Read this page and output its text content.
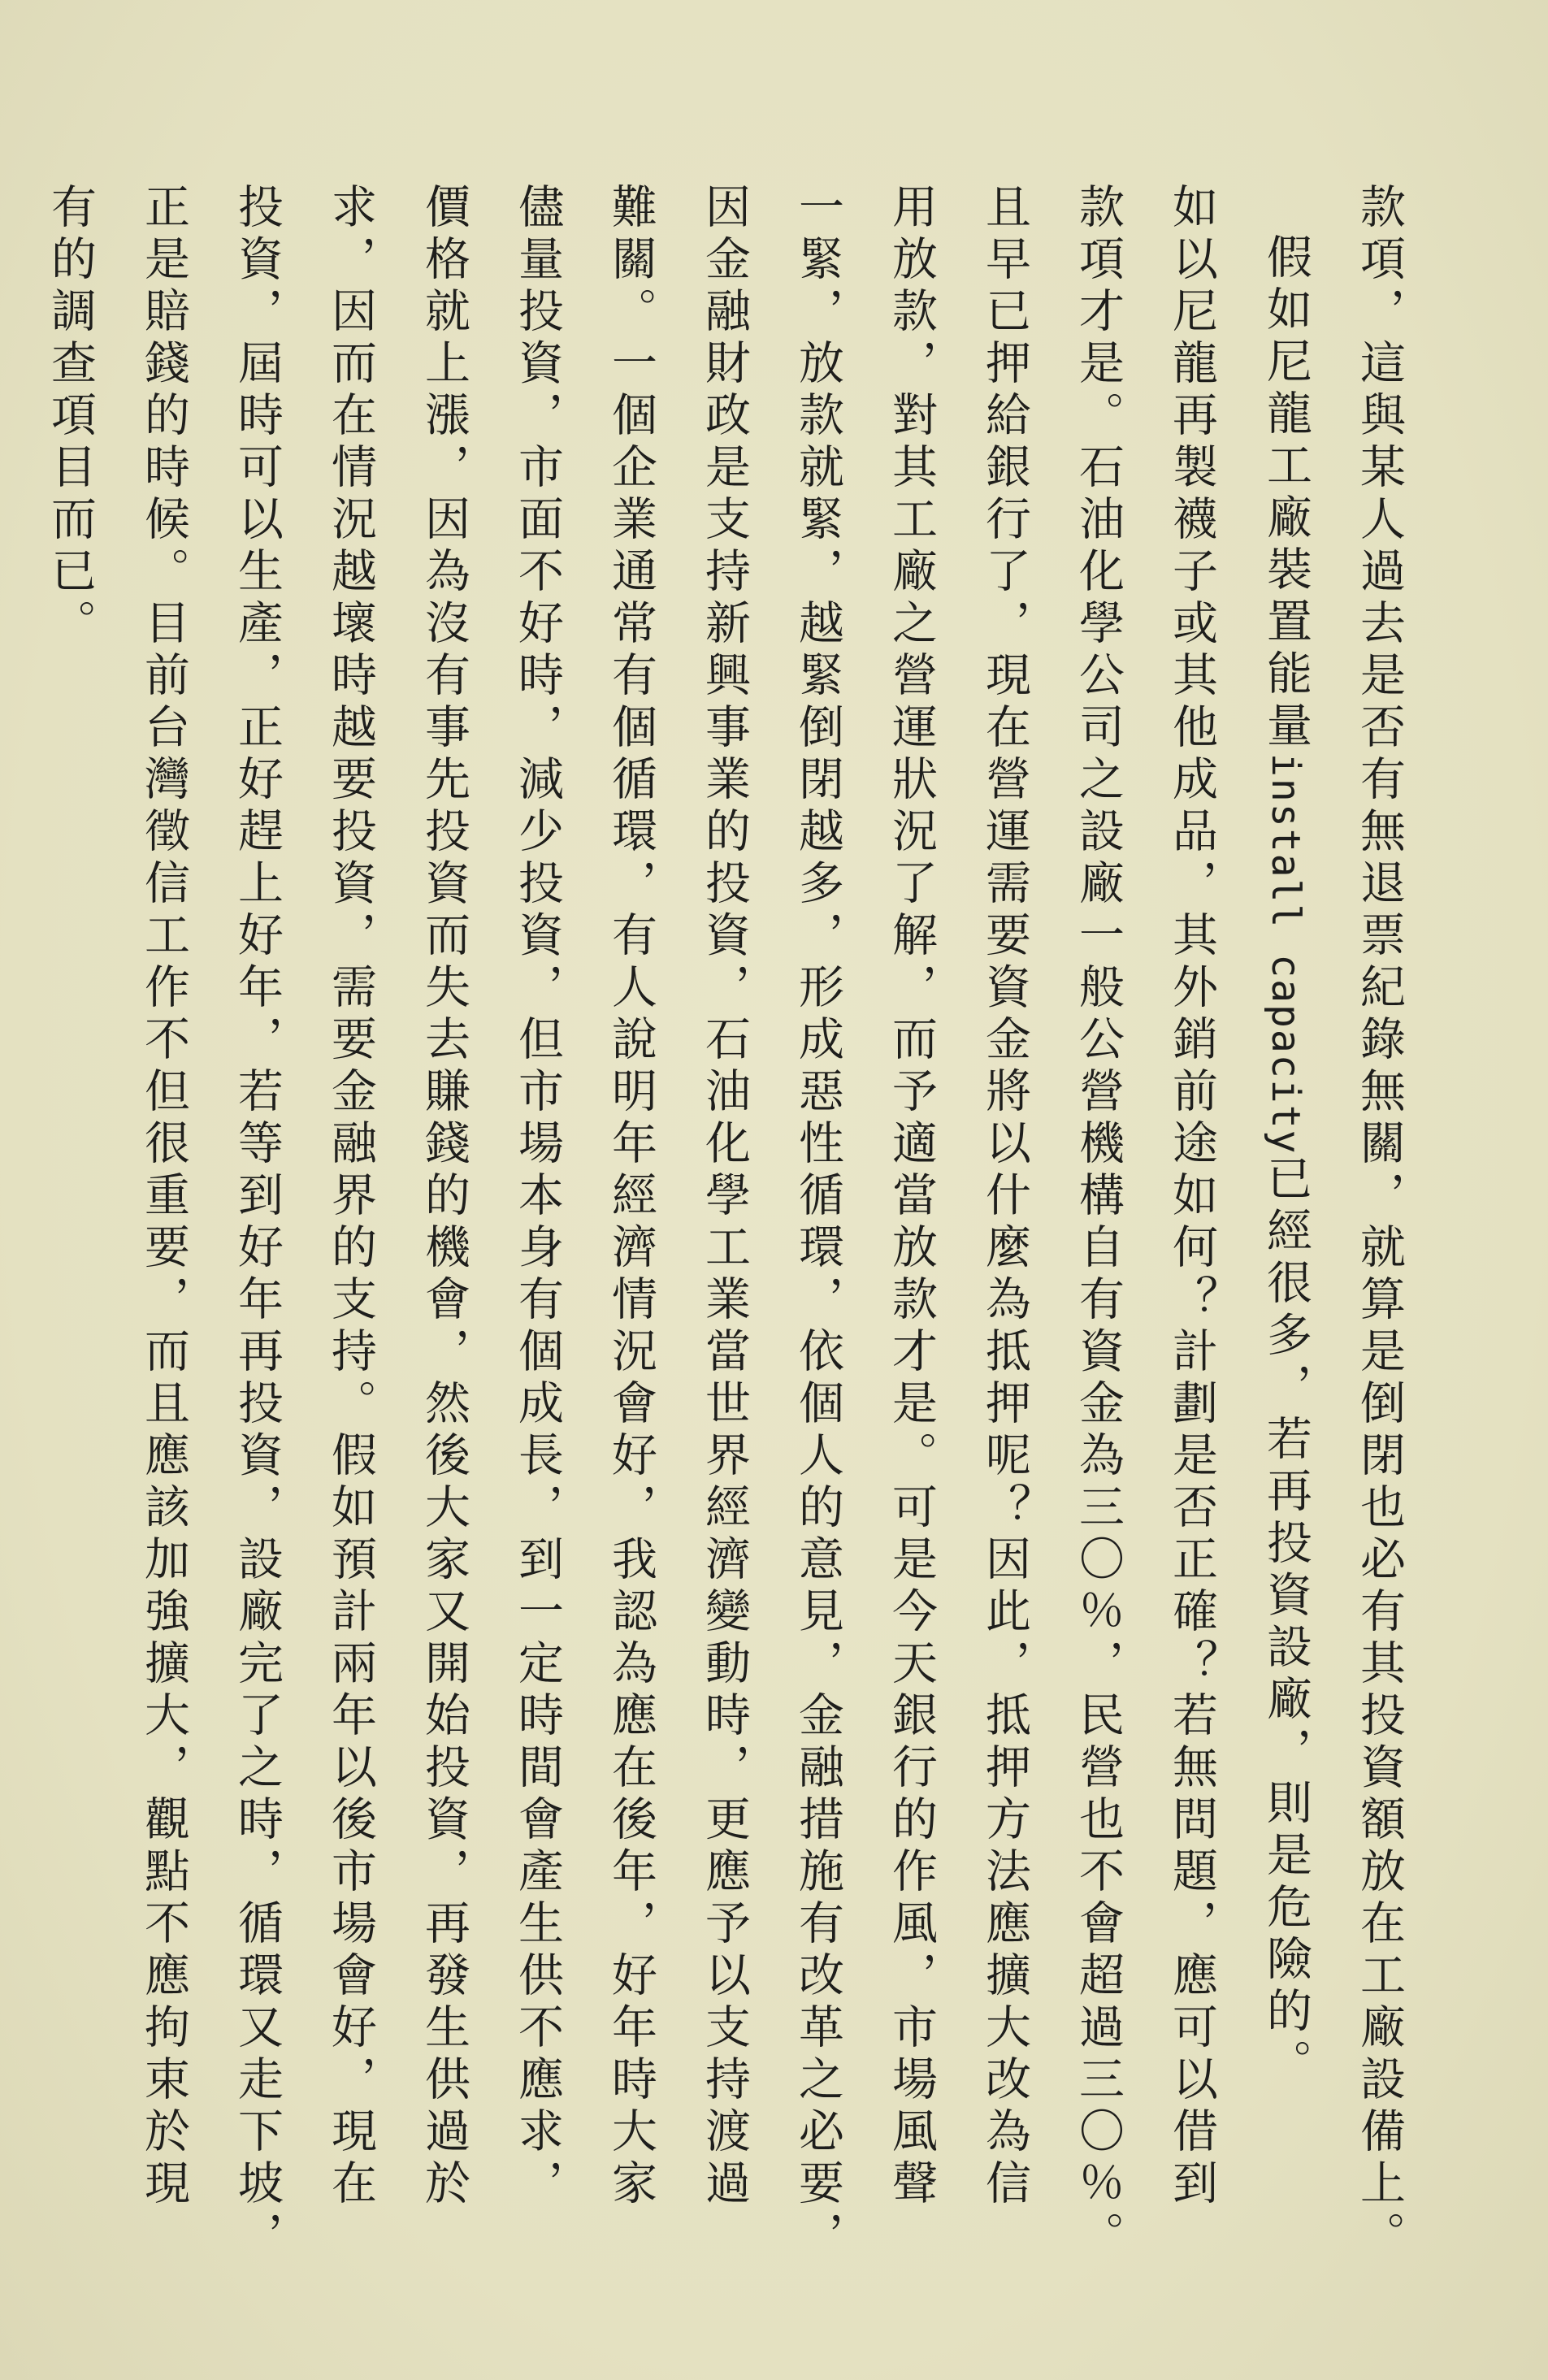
款項，這與某人過去是否有無退票紀錄無關，就算是倒閉也必有其投資額放在工廠設備上。
假如尼龍工廠裝置能量install capacity已經很多，若再投資設廠，則是危險的。
如以尼龍再製襪子或其他成品，其外銷前途如何？計劃是否正確？若無問題，應可以借到
款項才是。石油化學公司之設廠一般公營機構自有資金為三〇％，民營也不會超過三〇％。
且早已押給銀行了，現在營運需要資金將以什麼為抵押呢？因此，抵押方法應擴大改為信
用放款，對其工廠之營運狀況了解，而予適當放款才是。可是今天銀行的作風，市場風聲
一緊，放款就緊，越緊倒閉越多，形成惡性循環，依個人的意見，金融措施有改革之必要，
因金融財政是支持新興事業的投資，石油化學工業當世界經濟變動時，更應予以支持渡過
難關。一個企業通常有個循環，有人說明年經濟情況會好，我認為應在後年，好年時大家
儘量投資，市面不好時，減少投資，但市場本身有個成長，到一定時間會產生供不應求，
價格就上漲，因為沒有事先投資而失去賺錢的機會，然後大家又開始投資，再發生供過於
求，因而在情況越壞時越要投資，需要金融界的支持。假如預計兩年以後市場會好，現在
投資，屆時可以生產，正好趕上好年，若等到好年再投資，設廠完了之時，循環又走下坡，
正是賠錢的時候。目前台灣徵信工作不但很重要，而且應該加強擴大，觀點不應拘束於現
有的調查項目而已。
